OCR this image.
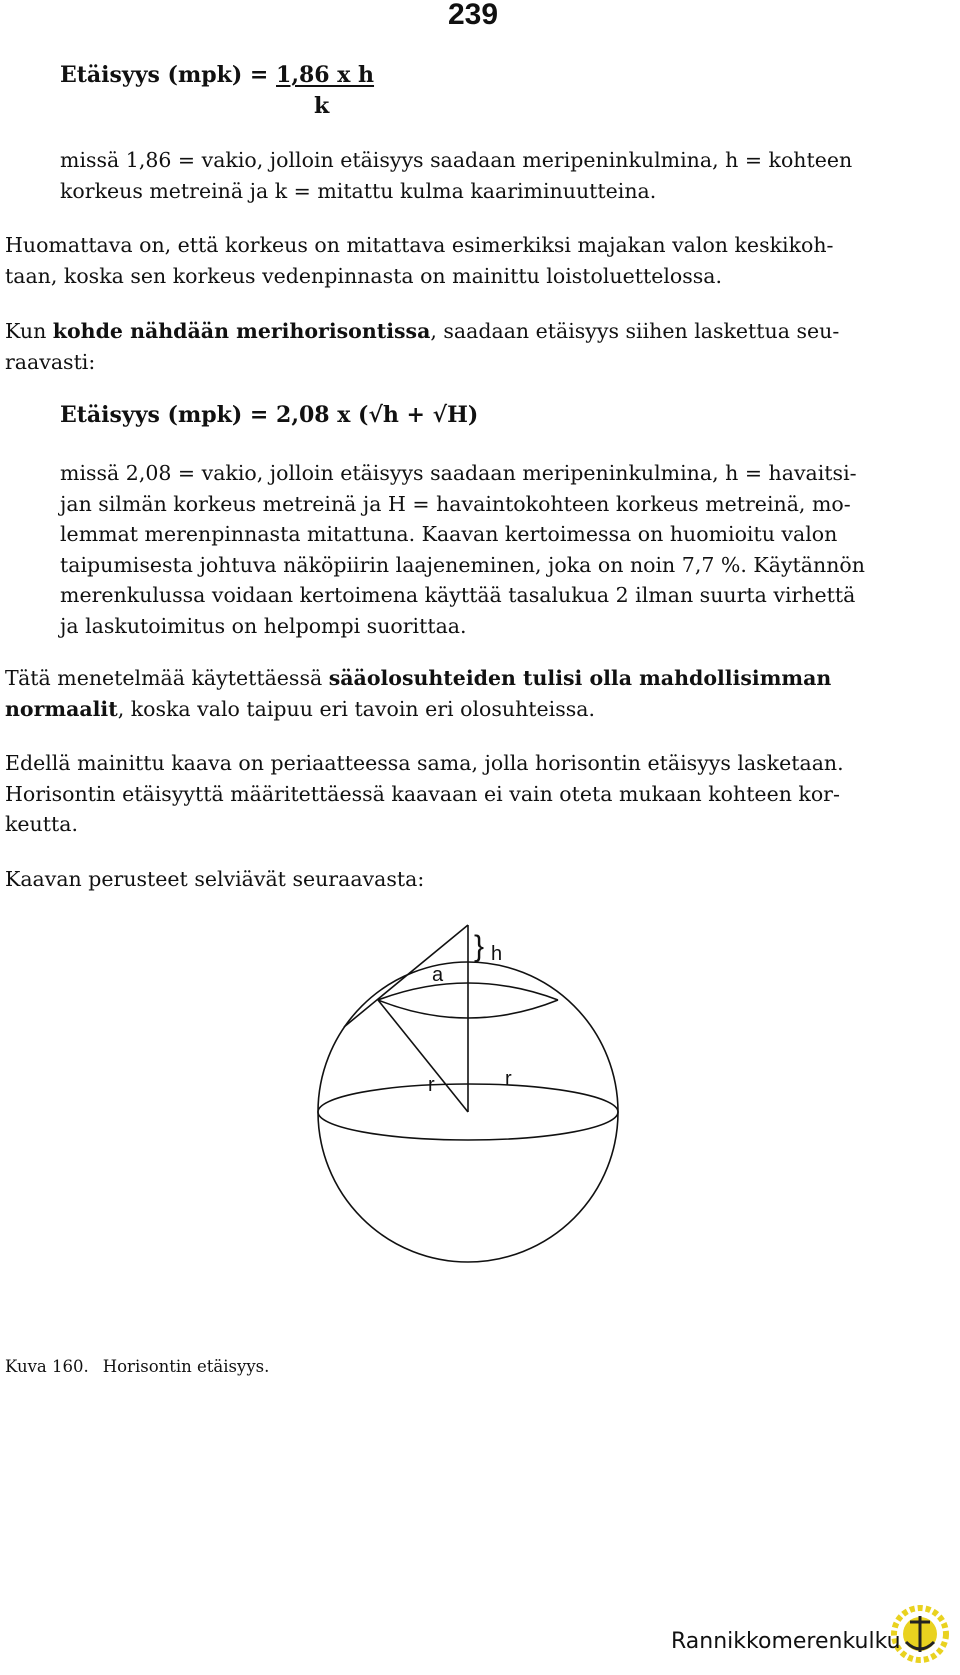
239
Etäisyys (mpk) = 1,86 x h
k
missä 1,86 = vakio, jolloin etäisyys saadaan meripeninkulmina, h = kohteen
korkeus metreinä ja k = mitattu kulma kaariminuutteina.
Huomattava on, että korkeus on mitattava esimerkiksi majakan valon keskikoh-
taan, koska sen korkeus vedenpinnasta on mainittu loistoluettelossa.
Kun kohde nähdään merihorisontissa, saadaan etäisyys siihen laskettua seu-
raavasti:
Etäisyys (mpk) = 2,08 x (√h + √H)
missä 2,08 = vakio, jolloin etäisyys saadaan meripeninkulmina, h = havaitsi-
jan silmän korkeus metreinä ja H = havaintokohteen korkeus metreinä, mo-
lemmat merenpinnasta mitattuna. Kaavan kertoimessa on huomioitu valon
taipumisesta johtuva näköpiirin laajeneminen, joka on noin 7,7 %. Käytännön
merenkulussa voidaan kertoimena käyttää tasalukua 2 ilman suurta virhettä
ja laskutoimitus on helpompi suorittaa.
Tätä menetelmää käytettäessä sääolosuhteiden tulisi olla mahdollisimman
normaalit, koska valo taipuu eri tavoin eri olosuhteissa.
Edellä mainittu kaava on periaatteessa sama, jolla horisontin etäisyys lasketaan.
Horisontin etäisyyttä määritettäessä kaavaan ei vain oteta mukaan kohteen kor-
keutta.
Kaavan perusteet selviävät seuraavasta:
a
} h
r	r
Kuva 160. Horisontin etäisyys.
Rannikkomerenkulku
